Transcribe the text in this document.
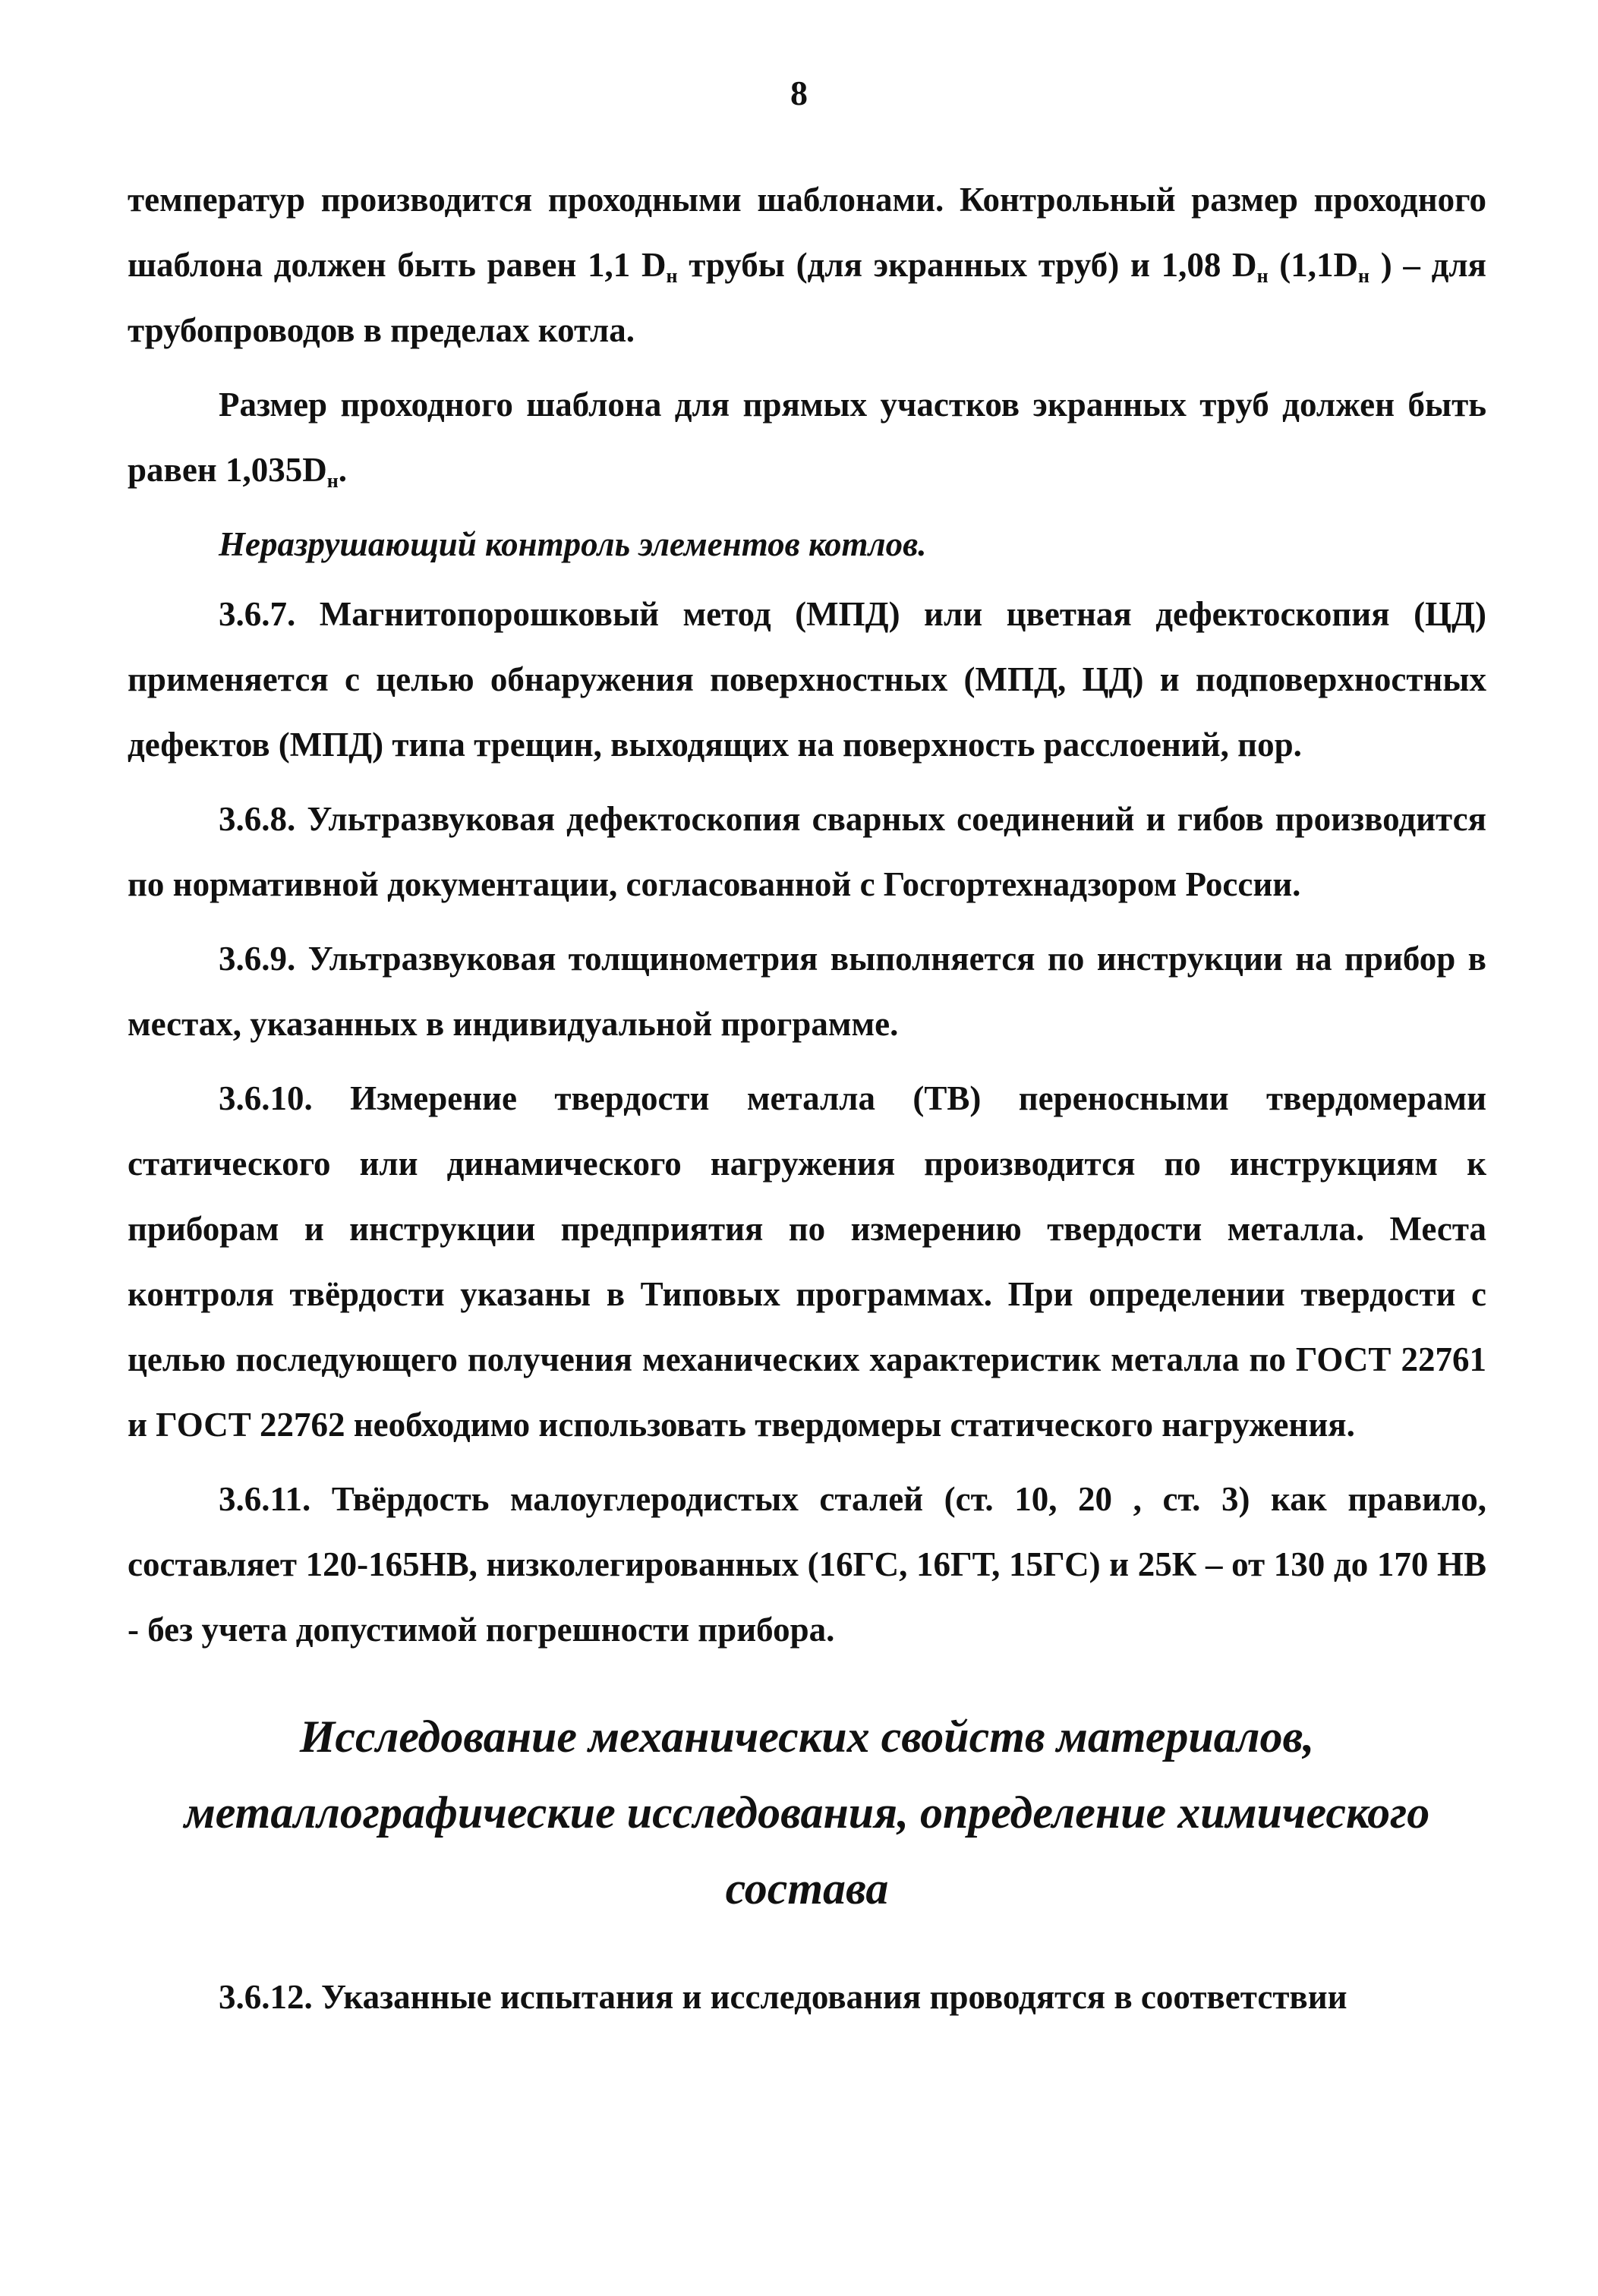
8

температур производится проходными шаблонами. Контрольный размер проходного шаблона должен быть равен 1,1 $D_н$ трубы (для экранных труб) и 1,08 $D_н$ ($1,1D_н$ ) – для трубопроводов в пределах котла.

Размер проходного шаблона для прямых участков экранных труб должен быть равен $1,035D_н$.

Неразрушающий контроль элементов котлов.

3.6.7. Магнитопорошковый метод (МПД) или цветная дефектоскопия (ЦД) применяется с целью обнаружения поверхностных (МПД, ЦД) и подповерхностных дефектов (МПД) типа трещин, выходящих на поверхность расслоений, пор.

3.6.8. Ультразвуковая дефектоскопия сварных соединений и гибов производится по нормативной документации, согласованной с Госгортехнадзором России.

3.6.9. Ультразвуковая толщинометрия выполняется по инструкции на прибор в местах, указанных в индивидуальной программе.

3.6.10. Измерение твердости металла (ТВ) переносными твердомерами статического или динамического нагружения производится по инструкциям к приборам и инструкции предприятия по измерению твердости металла. Места контроля твёрдости указаны в Типовых программах. При определении твердости с целью последующего получения механических характеристик металла по ГОСТ 22761 и ГОСТ 22762 необходимо использовать твердомеры статического нагружения.

3.6.11. Твёрдость малоуглеродистых сталей (ст. 10, 20 , ст. 3) как правило, составляет 120-165НВ, низколегированных (16ГС, 16ГТ, 15ГС) и 25К – от 130 до 170 НВ - без учета допустимой погрешности прибора.

Исследование механических свойств материалов, металлографические исследования, определение химического состава

3.6.12. Указанные испытания и исследования проводятся в соответствии
